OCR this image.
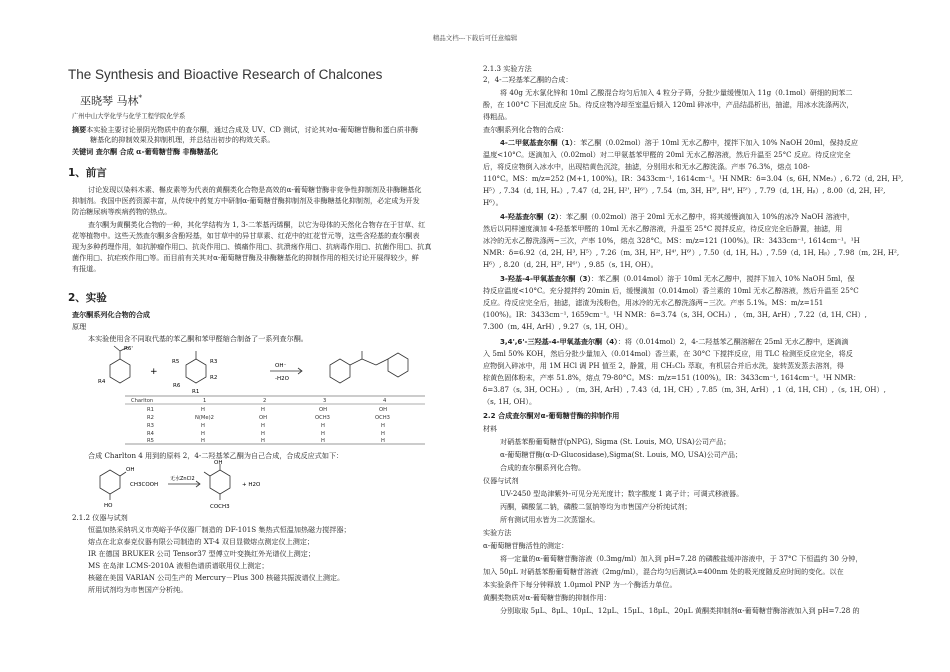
精品文档---下载后可任意编辑
The Synthesis and Bioactive Research of Chalcones
巫晓琴 马林*
广州中山大学化学与化学工程学院化学系
摘要本实验主要讨论景阴光物质中的查尔酮，通过合成及 UV、CD 测试，讨论其对α-葡萄糖苷酶和蛋白质非酶
糖基化的抑制效果及抑制机理，并总结出初步的构效关系。
关键词 查尔酮 合成 α-葡萄糖苷酶 非酶糖基化
1、前言
讨论发现以染料木素、槲皮素等为代表的黄酮类化合物是高效的α-葡萄糖苷酶非竞争性抑制剂及非酶糖基化
抑制剂。我国中医药资源丰富，从传统中药复方中研制α-葡萄糖苷酶抑制剂及非酶糖基化抑制剂，必定成为开发
防治糖尿病等疾病药物的热点。
查尔酮为黄酮类化合物的一种，其化学结构为 1, 3-二苯基丙烯酮，以它为母体的天然化合物存在于甘草、红
花等植物中。这些天然查尔酮多含酚羟基，如甘草中的异甘草素、红花中的红花苷元等，这些含羟基的查尔酮表
现为多种药理作用，如抗肿瘤作用□、抗炎作用□、镇痛作用□、抗溃疡作用□、抗病毒作用□、抗菌作用□、抗真
菌作用□、抗疟疾作用□等。而目前有关其对α-葡萄糖苷酶及非酶糖基化的抑制作用的相关讨论开展得较少，鲜
有报道。
2、实验
查尔酮系列化合物的合成
原理
本实验使用含不同取代基的苯乙酮和苯甲醛缩合制备了一系列查尔酮。
R6'
R4
R5	R3
R2
R6
R1
OH⁻
-H2O
+
Charlton	1	2	3	4
R1	H	H	OH	OH
R2	N(Me)2	OH	OCH3	OCH3
R3	H	H	H	H
R4	H	H	H	H
R5	H	H	H	H
合成 Charlton 4 用到的原料 2，4-二羟基苯乙酮为自己合成，合成反应式如下：
OH
HO
OH
COCH3
CH3COOH
无水ZnCl2
+ H2O
2.1.2 仪器与试剂
恒温加热采纳巩义市英峪予华仪器厂制造的 DF-101S 集热式恒温加热磁力搅拌器；
熔点在北京泰克仪器有限公司制造的 XT-4 双目显微熔点测定仪上测定；
IR 在德国 BRUKER 公司 Tensor37 型傅立叶变换红外光谱仪上测定；
MS 在岛津 LCMS-2010A 液相色谱质谱联用仪上测定；
核磁在美国 VARIAN 公司生产的 Mercury－Plus 300 核磁共振波谱仪上测定。
所用试剂均为市售国产分析纯。
2.1.3 实验方法
2，4-二羟基苯乙酮的合成：
将 40g 无水氯化锌和 10ml 乙酸混合均匀后加入 4 粒分子筛，分批少量缓慢加入 11g（0.1mol）研细的间苯二
酚，在 100°C 下回流反应 5h。待反应物冷却至室温后倾入 120ml 碎冰中，产品结晶析出，抽滤，用冰水洗涤两次，
得粗品。
查尔酮系列化合物的合成：
4-二甲氨基查尔酮（1）：苯乙酮（0.02mol）溶于 10ml 无水乙醇中，搅拌下加入 10% NaOH 20ml，保持反应
温度<10°C。逐滴加入（0.02mol）对二甲氨基苯甲醛的 20ml 无水乙醇溶液，然后升温至 25°C 反应。待反应完全
后，将反应物倒入冰水中，出现桔黄色沉淀，抽滤，分别用水和无水乙醇洗涤。产率 76.3%，熔点 108-
110°C。MS：m/z=252 (M+1, 100%)。IR：3433cm⁻¹, 1614cm⁻¹。¹H NMR：δ=3.04（s, 6H, NMe₂）, 6.72（d, 2H, H³,
H⁵）, 7.34（d, 1H, Hₐ）, 7.47（d, 2H, H²', H⁶'）, 7.54（m, 3H, H³', H⁴', H⁵'）, 7.79（d, 1H, Hᵦ）, 8.00（d, 2H, H²,
H⁶）。
4-羟基查尔酮（2）：苯乙酮（0.02mol）溶于 20ml 无水乙醇中，将其缓慢滴加入 10%的冰冷 NaOH 溶液中，
然后以同样速度滴加 4-羟基苯甲醛的 10ml 无水乙醇溶液，升温至 25°C 搅拌反应，待反应完全后静置，抽滤，用
冰冷的无水乙醇洗涤两~三次，产率 10%，熔点 328°C。MS：m/z=121 (100%)。IR：3433cm⁻¹, 1614cm⁻¹。¹H
NMR：δ=6.92（d, 2H, H³, H⁵）, 7.26（m, 3H, H²', H⁴', H⁶'）, 7.50（d, 1H, Hₐ）, 7.59（d, 1H, Hᵦ）, 7.98（m, 2H, H²,
H⁶）, 8.20（d, 2H, H²', H⁶'）, 9.85（s, 1H, OH）。
3-羟基-4-甲氧基查尔酮（3）：苯乙酮（0.014mol）溶于 10ml 无水乙醇中，搅拌下加入 10% NaOH 5ml，保
持反应温度<10°C。充分搅拌约 20min 后，缓慢滴加（0.014mol）香兰素的 10ml 无水乙醇溶液，然后升温至 25°C
反应。待反应完全后，抽滤，滤渣为浅粉色，用冰冷的无水乙醇洗涤两~三次。产率 5.1%。MS：m/z=151
(100%)。IR：3433cm⁻¹, 1659cm⁻¹。¹H NMR：δ=3.74（s, 3H, OCH₃）, （m, 3H, ArH）, 7.22（d, 1H, CH）,
7.300（m, 4H, ArH）, 9.27（s, 1H, OH）。
3,4',6'-三羟基-4-甲氧基查尔酮（4）：将（0.014mol）2，4-二羟基苯乙酮溶解在 25ml 无水乙醇中，逐滴滴
入 5ml 50% KOH，然后分批少量加入（0.014mol）香兰素，在 30°C 下搅拌反应，用 TLC 检测至反应完全，将反
应物倒入碎冰中，用 1M HCl 调 PH 值至 2，静置，用 CH₂Cl₂ 萃取，有机层合并后水洗，旋转蒸发蒸去溶剂，得
棕黄色固体粉末，产率 51.8%，熔点 79-80°C。MS：m/z=151 (100%)。IR：3433cm⁻¹, 1614cm⁻¹。¹H NMR：
δ=3.87（s, 3H, OCH₃）, （m, 3H, ArH）, 7.43（d, 1H, CH）, 7.85（m, 3H, ArH）, 1（d, 1H, CH）,（s, 1H, OH）,
（s, 1H, OH）。
2.2 合成查尔酮对α-葡萄糖苷酶的抑制作用
材料
对硝基苯酚葡萄糖苷(pNPG), Sigma (St. Louis, MO, USA)公司产品；
α-葡萄糖苷酶(α-D-Glucosidase),Sigma(St. Louis, MO, USA)公司产品；
合成的查尔酮系列化合物。
仪器与试剂
UV-2450 型岛津紫外-可见分光光度计；数字酸度 1 离子计；可调式移液器。
丙酮，磷酸氢二钠，磷酸二氢钠等均为市售国产分析纯试剂；
所有测试用水皆为二次蒸馏水。
实验方法
α-葡萄糖苷酶活性的测定：
将一定量的α-葡萄糖苷酶溶液（0.3mg/ml）加入到 pH=7.28 的磷酸盐缓冲溶液中，于 37°C 下恒温约 30 分钟，
加入 50μL 对硝基苯酚葡萄糖苷溶液（2mg/ml），混合均匀后测试λ=400nm 处的吸光度随反应时间的变化。以在
本实验条件下每分钟释放 1.0μmol PNP 为一个酶活力单位。
黄酮类物质对α-葡萄糖苷酶的抑制作用：
分别取取 5μL、8μL、10μL、12μL、15μL、18μL、20μL 黄酮类抑制剂α-葡萄糖苷酶溶液加入到 pH=7.28 的
